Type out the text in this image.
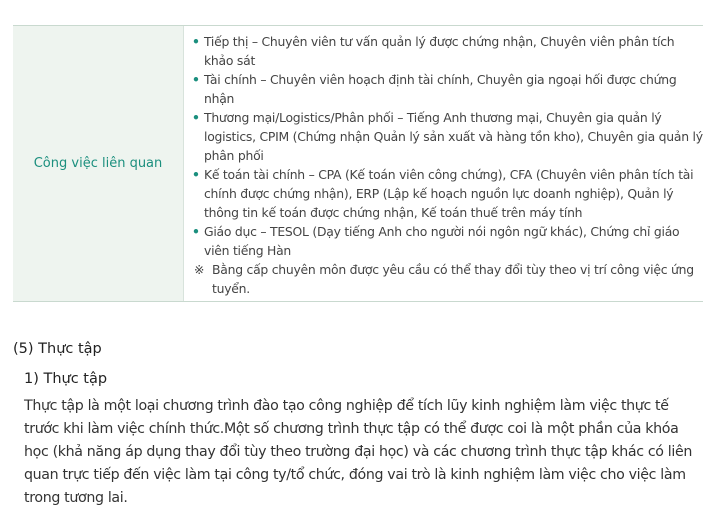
Công việc liên quan
• Tiếp thị – Chuyên viên tư vấn quản lý được chứng nhận, Chuyên viên phân tích khảo sát
• Tài chính – Chuyên viên hoạch định tài chính, Chuyên gia ngoại hối được chứng nhận
• Thương mại/Logistics/Phân phối – Tiếng Anh thương mại, Chuyên gia quản lý logistics, CPIM (Chứng nhận Quản lý sản xuất và hàng tồn kho), Chuyên gia quản lý phân phối
• Kế toán tài chính – CPA (Kế toán viên công chứng), CFA (Chuyên viên phân tích tài chính được chứng nhận), ERP (Lập kế hoạch nguồn lực doanh nghiệp), Quản lý thông tin kế toán được chứng nhận, Kế toán thuế trên máy tính
• Giáo dục – TESOL (Dạy tiếng Anh cho người nói ngôn ngữ khác), Chứng chỉ giáo viên tiếng Hàn
※ Bằng cấp chuyên môn được yêu cầu có thể thay đổi tùy theo vị trí công việc ứng tuyển.
(5) Thực tập
1) Thực tập
Thực tập là một loại chương trình đào tạo công nghiệp để tích lũy kinh nghiệm làm việc thực tế trước khi làm việc chính thức.Một số chương trình thực tập có thể được coi là một phần của khóa học (khả năng áp dụng thay đổi tùy theo trường đại học) và các chương trình thực tập khác có liên quan trực tiếp đến việc làm tại công ty/tổ chức, đóng vai trò là kinh nghiệm làm việc cho việc làm trong tương lai.
